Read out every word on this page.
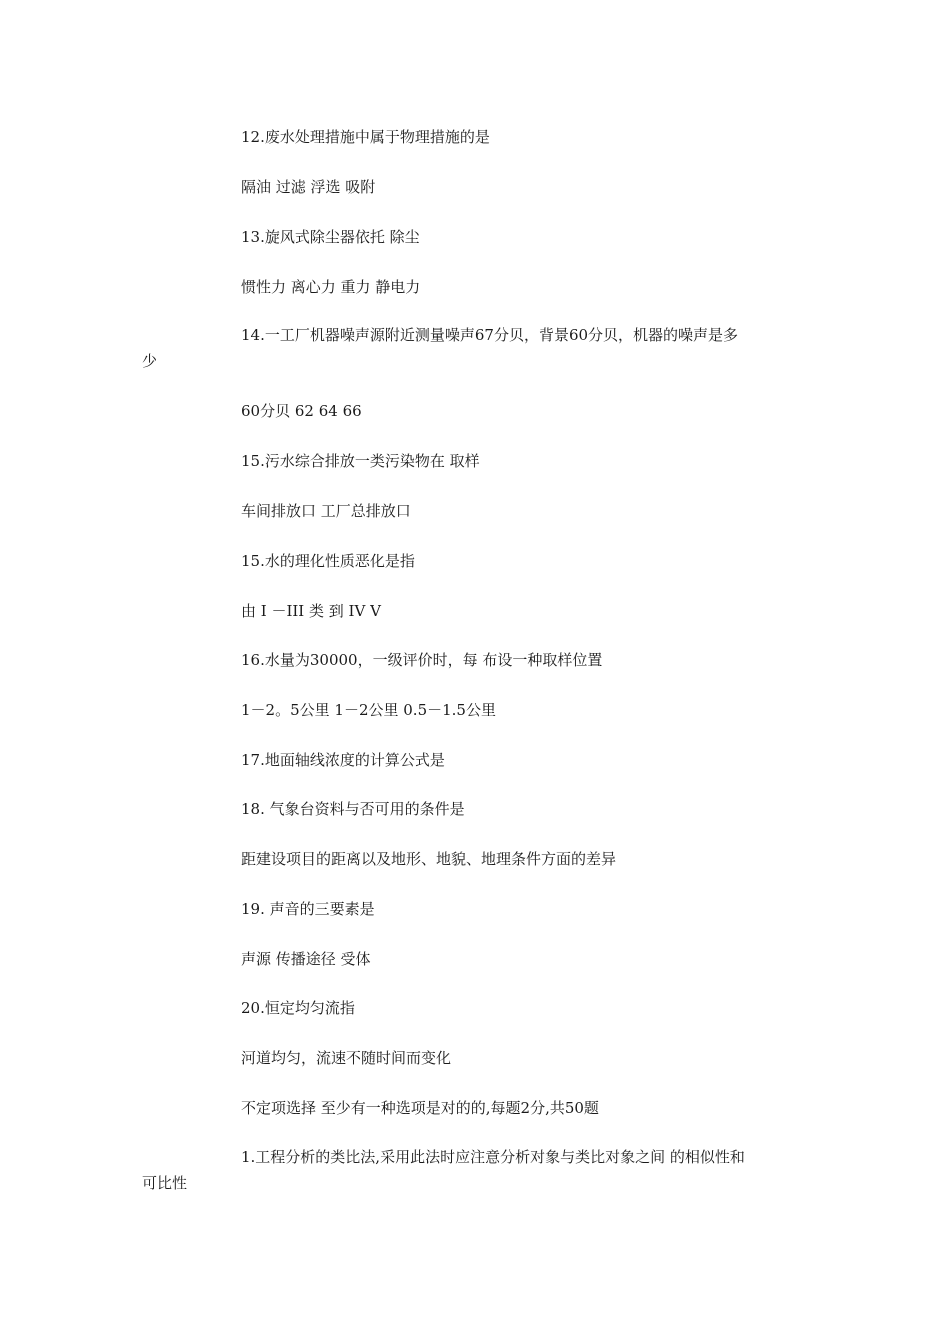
12.废水处理措施中属于物理措施的是
隔油 过滤 浮选 吸附
13.旋风式除尘器依托 除尘
惯性力 离心力 重力 静电力
14.一工厂机器噪声源附近测量噪声67分贝，背景60分贝，机器的噪声是多
少
60分贝 62 64 66
15.污水综合排放一类污染物在 取样
车间排放口 工厂总排放口
15.水的理化性质恶化是指
由 I －III 类 到 IV V
16.水量为30000，一级评价时，每 布设一种取样位置
1－2。5公里 1－2公里 0.5－1.5公里
17.地面轴线浓度的计算公式是
18. 气象台资料与否可用的条件是
距建设项目的距离以及地形、地貌、地理条件方面的差异
19. 声音的三要素是
声源 传播途径 受体
20.恒定均匀流指
河道均匀，流速不随时间而变化
不定项选择 至少有一种选项是对的的,每题2分,共50题
1.工程分析的类比法,采用此法时应注意分析对象与类比对象之间 的相似性和
可比性
